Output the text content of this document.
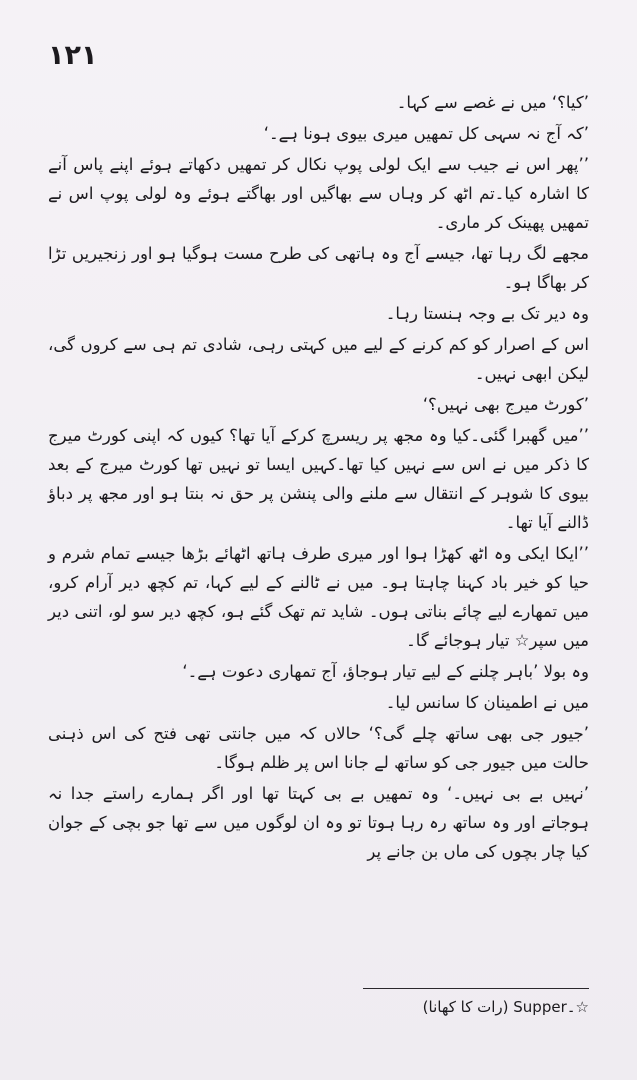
۱۲۱

’کیا؟‘ میں نے غصے سے کہا۔

’کہ آج نہ سہی کل تمھیں میری بیوی ہونا ہے۔‘

’’پھر اس نے جیب سے ایک لولی پوپ نکال کر تمھیں دکھاتے ہوئے اپنے پاس آنے کا اشارہ کیا۔تم اٹھ کر وہاں سے بھاگیں اور بھاگتے ہوئے وہ لولی پوپ اس نے تمھیں پھینک کر ماری۔

مجھے لگ رہا تھا، جیسے آج وہ ہاتھی کی طرح مست ہوگیا ہو اور زنجیریں تڑا کر بھاگا ہو۔

وہ دیر تک بے وجہ ہنستا رہا۔

اس کے اصرار کو کم کرنے کے لیے میں کہتی رہی، شادی تم ہی سے کروں گی، لیکن ابھی نہیں۔

’کورٹ میرج بھی نہیں؟‘

’’میں گھبرا گئی۔کیا وہ مجھ پر ریسرچ کرکے آیا تھا؟ کیوں کہ اپنی کورٹ میرج کا ذکر میں نے اس سے نہیں کیا تھا۔کہیں ایسا تو نہیں تھا کورٹ میرج کے بعد بیوی کا شوہر کے انتقال سے ملنے والی پنشن پر حق نہ بنتا ہو اور مجھ پر دباؤ ڈالنے آیا تھا۔

’’ایکا ایکی وہ اٹھ کھڑا ہوا اور میری طرف ہاتھ اٹھائے بڑھا جیسے تمام شرم و حیا کو خیر باد کہنا چاہتا ہو۔ میں نے ٹالنے کے لیے کہا، تم کچھ دیر آرام کرو، میں تمھارے لیے چائے بناتی ہوں۔ شاید تم تھک گئے ہو، کچھ دیر سو لو، اتنی دیر میں سپر☆ تیار ہوجائے گا۔

وہ بولا ’باہر چلنے کے لیے تیار ہوجاؤ، آج تمھاری دعوت ہے۔‘

میں نے اطمینان کا سانس لیا۔

’جیور جی بھی ساتھ چلے گی؟‘ حالاں کہ میں جانتی تھی فتح کی اس ذہنی حالت میں جیور جی کو ساتھ لے جانا اس پر ظلم ہوگا۔

’نہیں بے بی نہیں۔‘ وہ تمھیں بے بی کہتا تھا اور اگر ہمارے راستے جدا نہ ہوجاتے اور وہ ساتھ رہ رہا ہوتا تو وہ ان لوگوں میں سے تھا جو بچی کے جوان کیا چار بچوں کی ماں بن جانے پر

☆۔Supper (رات کا کھانا)
